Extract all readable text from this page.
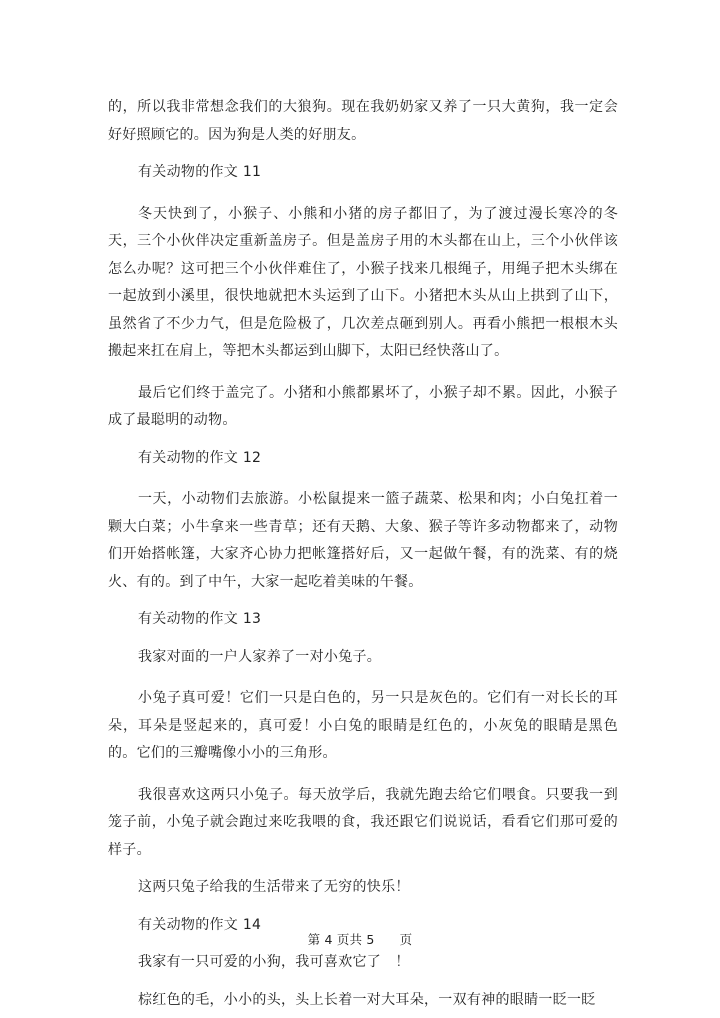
的，所以我非常想念我们的大狼狗。现在我奶奶家又养了一只大黄狗，我一定会好好照顾它的。因为狗是人类的好朋友。

有关动物的作文 11

冬天快到了，小猴子、小熊和小猪的房子都旧了，为了渡过漫长寒冷的冬天，三个小伙伴决定重新盖房子。但是盖房子用的木头都在山上，三个小伙伴该怎么办呢？这可把三个小伙伴难住了，小猴子找来几根绳子，用绳子把木头绑在一起放到小溪里，很快地就把木头运到了山下。小猪把木头从山上拱到了山下，虽然省了不少力气，但是危险极了，几次差点砸到别人。再看小熊把一根根木头搬起来扛在肩上，等把木头都运到山脚下，太阳已经快落山了。

最后它们终于盖完了。小猪和小熊都累坏了，小猴子却不累。因此，小猴子成了最聪明的动物。

有关动物的作文 12

一天，小动物们去旅游。小松鼠提来一篮子蔬菜、松果和肉；小白兔扛着一颗大白菜；小牛拿来一些青草；还有天鹅、大象、猴子等许多动物都来了，动物们开始搭帐篷，大家齐心协力把帐篷搭好后，又一起做午餐，有的洗菜、有的烧火、有的。到了中午，大家一起吃着美味的午餐。

有关动物的作文 13

我家对面的一户人家养了一对小兔子。

小兔子真可爱！它们一只是白色的，另一只是灰色的。它们有一对长长的耳朵，耳朵是竖起来的，真可爱！小白兔的眼睛是红色的，小灰兔的眼睛是黑色的。它们的三瓣嘴像小小的三角形。

我很喜欢这两只小兔子。每天放学后，我就先跑去给它们喂食。只要我一到笼子前，小兔子就会跑过来吃我喂的食，我还跟它们说说话，看看它们那可爱的样子。

这两只兔子给我的生活带来了无穷的快乐！

有关动物的作文 14

我家有一只可爱的小狗，我可喜欢它了　！

棕红色的毛，小小的头，头上长着一对大耳朵，一双有神的眼睛一眨一眨

第 4 页共 5 页
